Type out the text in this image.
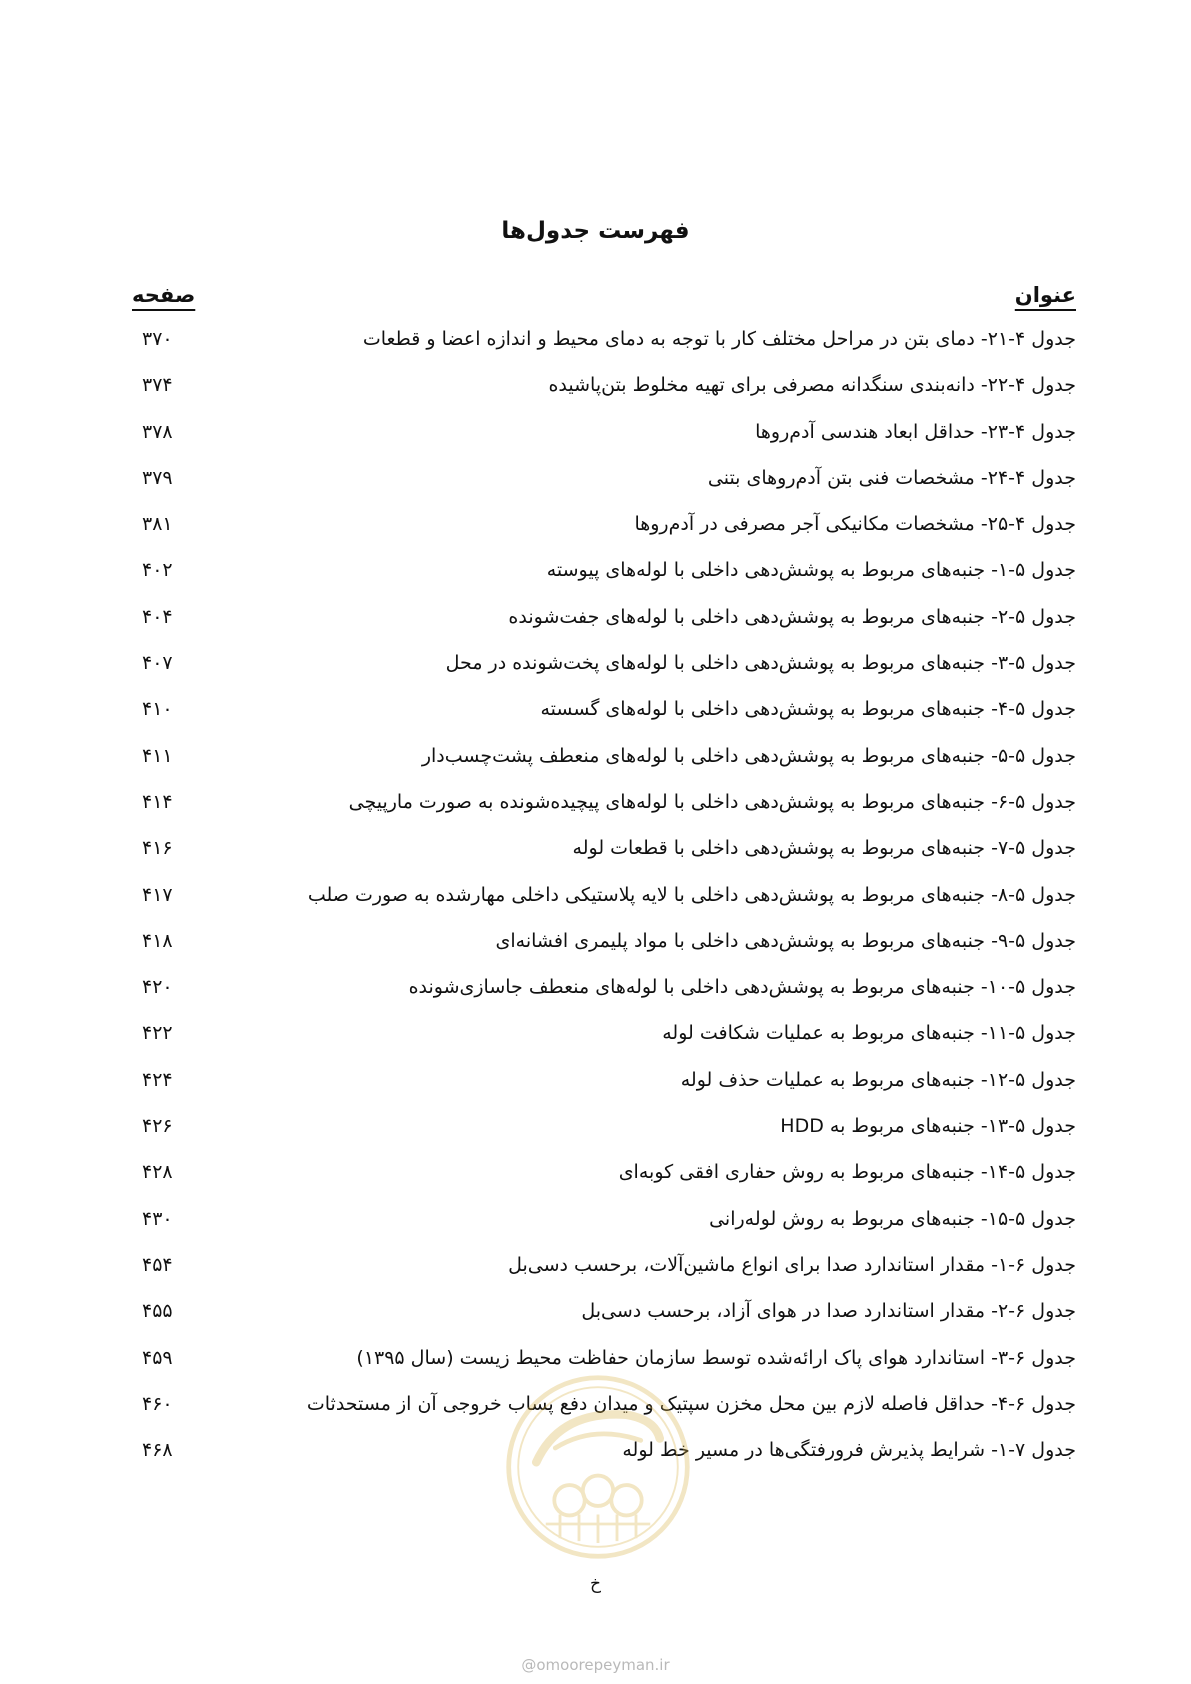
فهرست جدول‌ها
عنوان
صفحه
جدول ۴-۲۱- دمای بتن در مراحل مختلف کار با توجه به دمای محیط و اندازه اعضا و قطعات
۳۷۰
جدول ۴-۲۲- دانه‌بندی سنگدانه مصرفی برای تهیه مخلوط بتن‌پاشیده
۳۷۴
جدول ۴-۲۳- حداقل ابعاد هندسی آدم‌روها
۳۷۸
جدول ۴-۲۴- مشخصات فنی بتن آدم‌روهای بتنی
۳۷۹
جدول ۴-۲۵- مشخصات مکانیکی آجر مصرفی در آدم‌روها
۳۸۱
جدول ۵-۱- جنبه‌های مربوط به پوشش‌دهی داخلی با لوله‌های پیوسته
۴۰۲
جدول ۵-۲- جنبه‌های مربوط به پوشش‌دهی داخلی با لوله‌های جفت‌شونده
۴۰۴
جدول ۵-۳- جنبه‌های مربوط به پوشش‌دهی داخلی با لوله‌های پخت‌شونده در محل
۴۰۷
جدول ۵-۴- جنبه‌های مربوط به پوشش‌دهی داخلی با لوله‌های گسسته
۴۱۰
جدول ۵-۵- جنبه‌های مربوط به پوشش‌دهی داخلی با لوله‌های منعطف پشت‌چسب‌دار
۴۱۱
جدول ۵-۶- جنبه‌های مربوط به پوشش‌دهی داخلی با لوله‌های پیچیده‌شونده به صورت مارپیچی
۴۱۴
جدول ۵-۷- جنبه‌های مربوط به پوشش‌دهی داخلی با قطعات لوله
۴۱۶
جدول ۵-۸- جنبه‌های مربوط به پوشش‌دهی داخلی با لایه پلاستیکی داخلی مهارشده به صورت صلب
۴۱۷
جدول ۵-۹- جنبه‌های مربوط به پوشش‌دهی داخلی با مواد پلیمری افشانه‌ای
۴۱۸
جدول ۵-۱۰- جنبه‌های مربوط به پوشش‌دهی داخلی با لوله‌های منعطف جاسازی‌شونده
۴۲۰
جدول ۵-۱۱- جنبه‌های مربوط به عملیات شکافت لوله
۴۲۲
جدول ۵-۱۲- جنبه‌های مربوط به عملیات حذف لوله
۴۲۴
جدول ۵-۱۳- جنبه‌های مربوط به HDD
۴۲۶
جدول ۵-۱۴- جنبه‌های مربوط به روش حفاری افقی کوبه‌ای
۴۲۸
جدول ۵-۱۵- جنبه‌های مربوط به روش لوله‌رانی
۴۳۰
جدول ۶-۱- مقدار استاندارد صدا برای انواع ماشین‌آلات، برحسب دسی‌بل
۴۵۴
جدول ۶-۲- مقدار استاندارد صدا در هوای آزاد، برحسب دسی‌بل
۴۵۵
جدول ۶-۳- استاندارد هوای پاک ارائه‌شده توسط سازمان حفاظت محیط زیست (سال ۱۳۹۵)
۴۵۹
جدول ۶-۴- حداقل فاصله لازم بین محل مخزن سپتیک و میدان دفع پساب خروجی آن از مستحدثات
۴۶۰
جدول ۷-۱- شرایط پذیرش فرورفتگی‌ها در مسیر خط لوله
۴۶۸
خ
@omoorepeyman.ir
